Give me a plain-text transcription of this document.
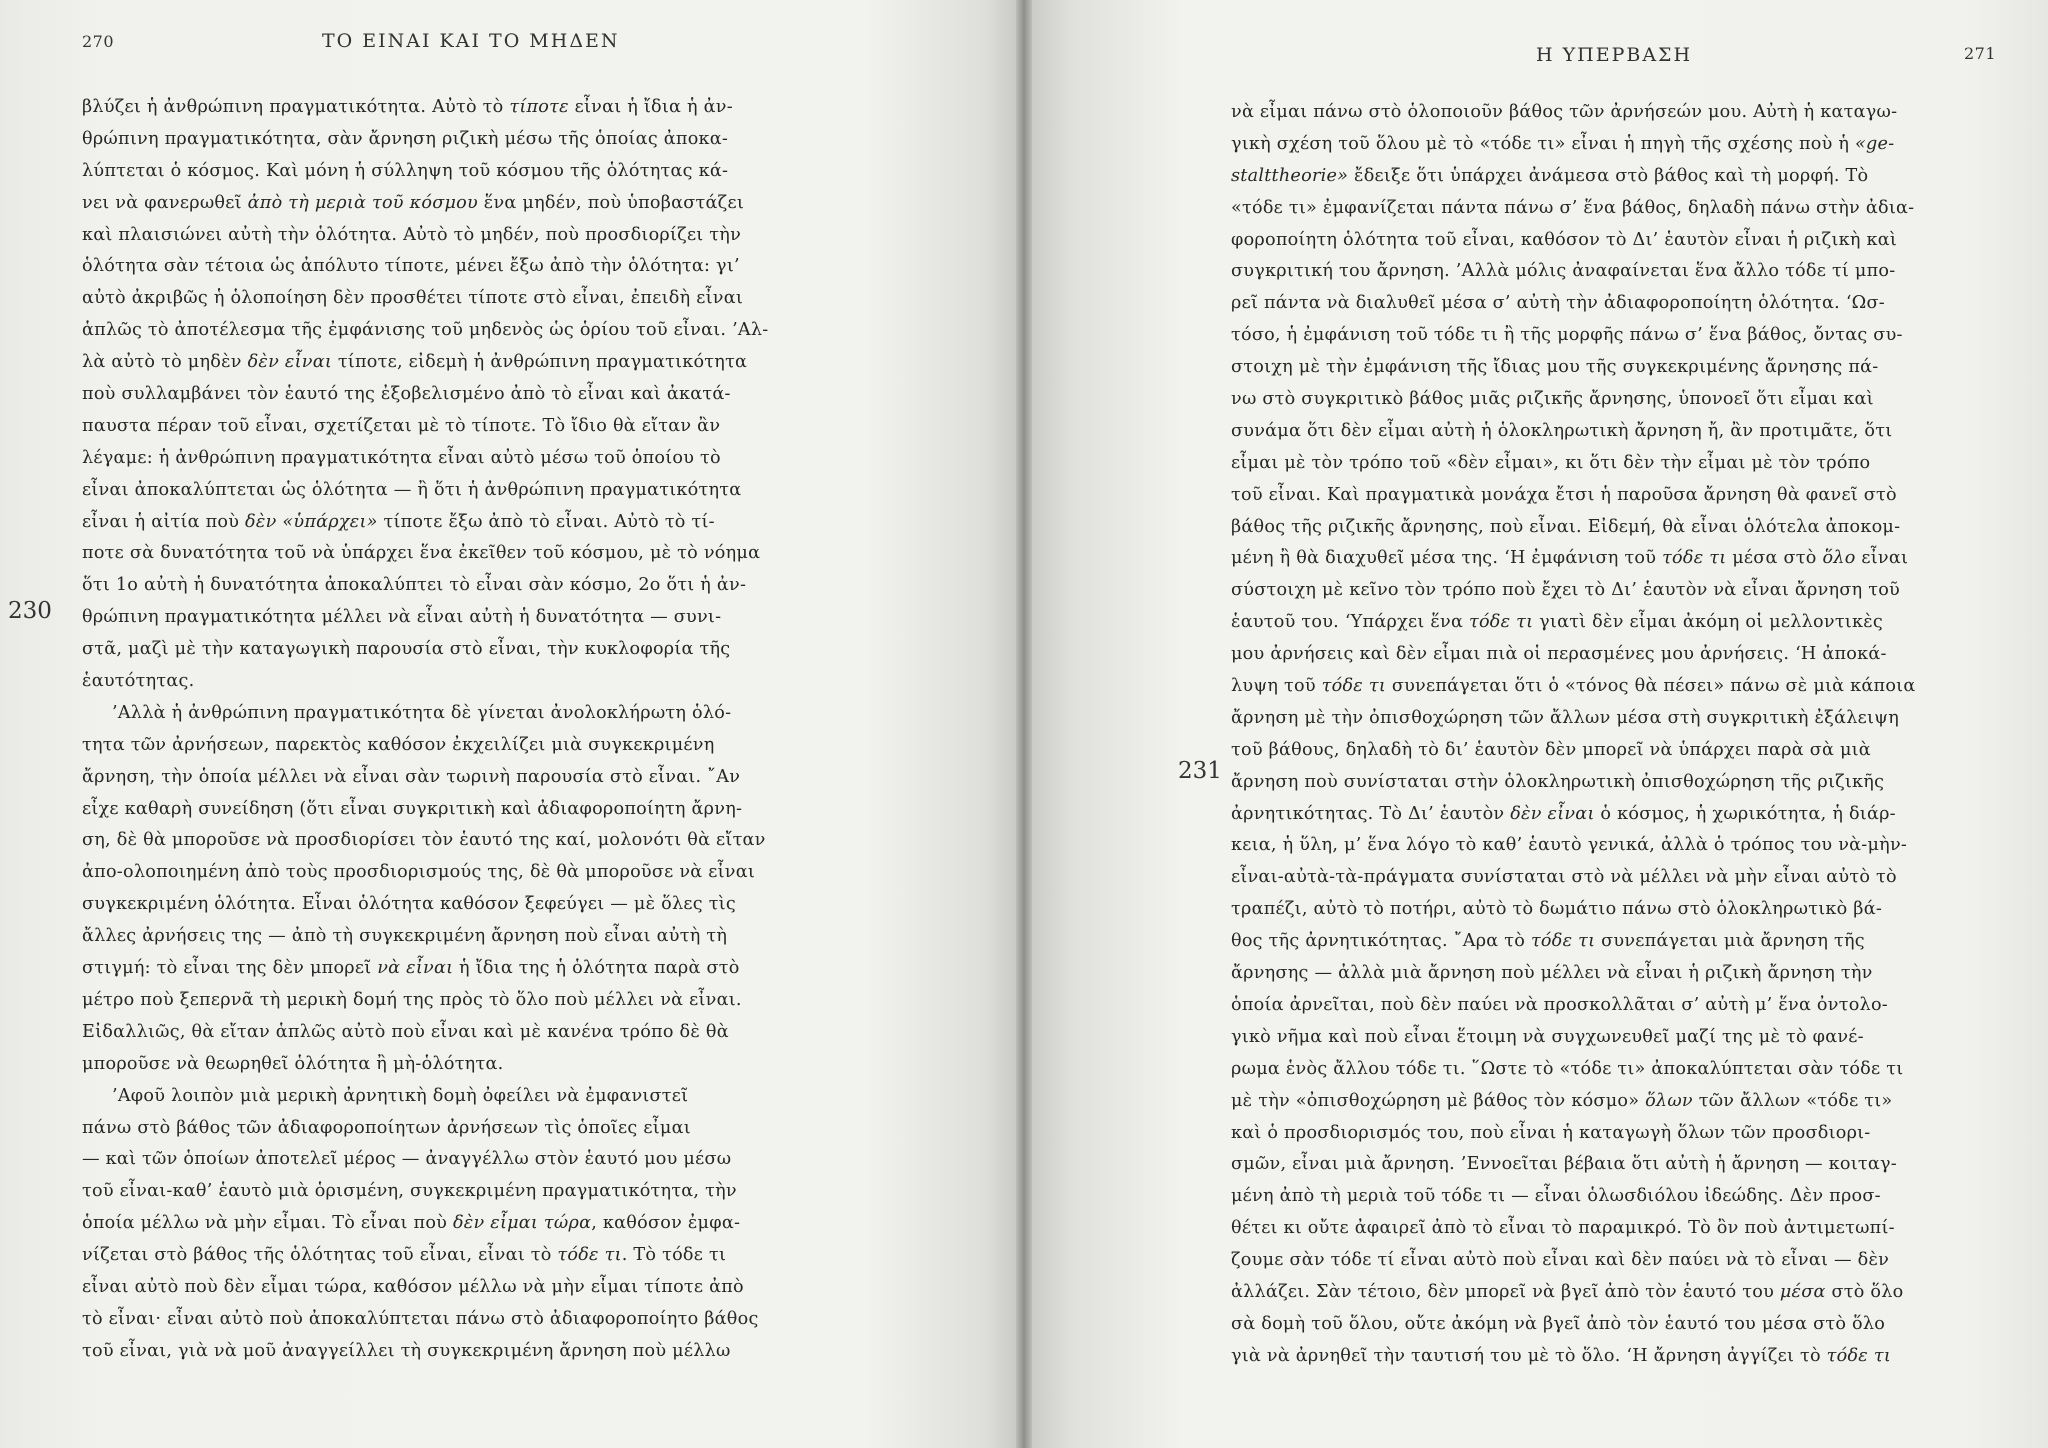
270	ΤΟ ΕΙΝΑΙ ΚΑΙ ΤΟ ΜΗΔΕΝ
230
βλύζει ἡ ἀνθρώπινη πραγματικότητα. Αὐτὸ τὸ τίποτε εἶναι ἡ ἴδια ἡ ἀν-
θρώπινη πραγματικότητα, σὰν ἄρνηση ριζικὴ μέσω τῆς ὁποίας ἀποκα-
λύπτεται ὁ κόσμος. Καὶ μόνη ἡ σύλληψη τοῦ κόσμου τῆς ὁλότητας κά-
νει νὰ φανερωθεῖ ἀπὸ τὴ μεριὰ τοῦ κόσμου ἕνα μηδέν, ποὺ ὑποβαστάζει
καὶ πλαισιώνει αὐτὴ τὴν ὁλότητα. Αὐτὸ τὸ μηδέν, ποὺ προσδιορίζει τὴν
ὁλότητα σὰν τέτοια ὡς ἀπόλυτο τίποτε, μένει ἔξω ἀπὸ τὴν ὁλότητα: γι’
αὐτὸ ἀκριβῶς ἡ ὁλοποίηση δὲν προσθέτει τίποτε στὸ εἶναι, ἐπειδὴ εἶναι
ἁπλῶς τὸ ἀποτέλεσμα τῆς ἐμφάνισης τοῦ μηδενὸς ὡς ὁρίου τοῦ εἶναι. ’Αλ-
λὰ αὐτὸ τὸ μηδὲν δὲν εἶναι τίποτε, εἰδεμὴ ἡ ἀνθρώπινη πραγματικότητα
ποὺ συλλαμβάνει τὸν ἑαυτό της ἐξοβελισμένο ἀπὸ τὸ εἶναι καὶ ἀκατά-
παυστα πέραν τοῦ εἶναι, σχετίζεται μὲ τὸ τίποτε. Τὸ ἴδιο θὰ εἴταν ἂν
λέγαμε: ἡ ἀνθρώπινη πραγματικότητα εἶναι αὐτὸ μέσω τοῦ ὁποίου τὸ
εἶναι ἀποκαλύπτεται ὡς ὁλότητα — ἢ ὅτι ἡ ἀνθρώπινη πραγματικότητα
εἶναι ἡ αἰτία ποὺ δὲν «ὑπάρχει» τίποτε ἔξω ἀπὸ τὸ εἶναι. Αὐτὸ τὸ τί-
ποτε σὰ δυνατότητα τοῦ νὰ ὑπάρχει ἕνα ἐκεῖθεν τοῦ κόσμου, μὲ τὸ νόημα
ὅτι 1ο αὐτὴ ἡ δυνατότητα ἀποκαλύπτει τὸ εἶναι σὰν κόσμο, 2ο ὅτι ἡ ἀν-
θρώπινη πραγματικότητα μέλλει νὰ εἶναι αὐτὴ ἡ δυνατότητα — συνι-
στᾶ, μαζὶ μὲ τὴν καταγωγικὴ παρουσία στὸ εἶναι, τὴν κυκλοφορία τῆς
ἑαυτότητας.
’Αλλὰ ἡ ἀνθρώπινη πραγματικότητα δὲ γίνεται ἀνολοκλήρωτη ὁλό-
τητα τῶν ἀρνήσεων, παρεκτὸς καθόσον ἐκχειλίζει μιὰ συγκεκριμένη
ἄρνηση, τὴν ὁποία μέλλει νὰ εἶναι σὰν τωρινὴ παρουσία στὸ εἶναι. ῎Αν
εἶχε καθαρὴ συνείδηση (ὅτι εἶναι συγκριτικὴ καὶ ἀδιαφοροποίητη ἄρνη-
ση, δὲ θὰ μποροῦσε νὰ προσδιορίσει τὸν ἑαυτό της καί, μολονότι θὰ εἴταν
ἀπο-ολοποιημένη ἀπὸ τοὺς προσδιορισμούς της, δὲ θὰ μποροῦσε νὰ εἶναι
συγκεκριμένη ὁλότητα. Εἶναι ὁλότητα καθόσον ξεφεύγει — μὲ ὅλες τὶς
ἄλλες ἀρνήσεις της — ἀπὸ τὴ συγκεκριμένη ἄρνηση ποὺ εἶναι αὐτὴ τὴ
στιγμή: τὸ εἶναι της δὲν μπορεῖ νὰ εἶναι ἡ ἴδια της ἡ ὁλότητα παρὰ στὸ
μέτρο ποὺ ξεπερνᾶ τὴ μερικὴ δομή της πρὸς τὸ ὅλο ποὺ μέλλει νὰ εἶναι.
Εἰδαλλιῶς, θὰ εἴταν ἁπλῶς αὐτὸ ποὺ εἶναι καὶ μὲ κανένα τρόπο δὲ θὰ
μποροῦσε νὰ θεωρηθεῖ ὁλότητα ἢ μὴ-ὁλότητα.
’Αφοῦ λοιπὸν μιὰ μερικὴ ἀρνητικὴ δομὴ ὀφείλει νὰ ἐμφανιστεῖ
πάνω στὸ βάθος τῶν ἀδιαφοροποίητων ἀρνήσεων τὶς ὁποῖες εἶμαι
— καὶ τῶν ὁποίων ἀποτελεῖ μέρος — ἀναγγέλλω στὸν ἑαυτό μου μέσω
τοῦ εἶναι-καθ’ ἑαυτὸ μιὰ ὁρισμένη, συγκεκριμένη πραγματικότητα, τὴν
ὁποία μέλλω νὰ μὴν εἶμαι. Τὸ εἶναι ποὺ δὲν εἶμαι τώρα, καθόσον ἐμφα-
νίζεται στὸ βάθος τῆς ὁλότητας τοῦ εἶναι, εἶναι τὸ τόδε τι. Τὸ τόδε τι
εἶναι αὐτὸ ποὺ δὲν εἶμαι τώρα, καθόσον μέλλω νὰ μὴν εἶμαι τίποτε ἀπὸ
τὸ εἶναι· εἶναι αὐτὸ ποὺ ἀποκαλύπτεται πάνω στὸ ἀδιαφοροποίητο βάθος
τοῦ εἶναι, γιὰ νὰ μοῦ ἀναγγείλλει τὴ συγκεκριμένη ἄρνηση ποὺ μέλλω
Η ΥΠΕΡΒΑΣΗ	271
231
νὰ εἶμαι πάνω στὸ ὁλοποιοῦν βάθος τῶν ἀρνήσεών μου. Αὐτὴ ἡ καταγω-
γικὴ σχέση τοῦ ὅλου μὲ τὸ «τόδε τι» εἶναι ἡ πηγὴ τῆς σχέσης ποὺ ἡ «ge-
stalttheorie» ἔδειξε ὅτι ὑπάρχει ἀνάμεσα στὸ βάθος καὶ τὴ μορφή. Τὸ
«τόδε τι» ἐμφανίζεται πάντα πάνω σ’ ἕνα βάθος, δηλαδὴ πάνω στὴν ἀδια-
φοροποίητη ὁλότητα τοῦ εἶναι, καθόσον τὸ Δι’ ἑαυτὸν εἶναι ἡ ριζικὴ καὶ
συγκριτική του ἄρνηση. ’Αλλὰ μόλις ἀναφαίνεται ἕνα ἄλλο τόδε τί μπο-
ρεῖ πάντα νὰ διαλυθεῖ μέσα σ’ αὐτὴ τὴν ἀδιαφοροποίητη ὁλότητα. ‘Ωσ-
τόσο, ἡ ἐμφάνιση τοῦ τόδε τι ἢ τῆς μορφῆς πάνω σ’ ἕνα βάθος, ὄντας συ-
στοιχη μὲ τὴν ἐμφάνιση τῆς ἴδιας μου τῆς συγκεκριμένης ἄρνησης πά-
νω στὸ συγκριτικὸ βάθος μιᾶς ριζικῆς ἄρνησης, ὑπονοεῖ ὅτι εἶμαι καὶ
συνάμα ὅτι δὲν εἶμαι αὐτὴ ἡ ὁλοκληρωτικὴ ἄρνηση ἤ, ἂν προτιμᾶτε, ὅτι
εἶμαι μὲ τὸν τρόπο τοῦ «δὲν εἶμαι», κι ὅτι δὲν τὴν εἶμαι μὲ τὸν τρόπο
τοῦ εἶναι. Καὶ πραγματικὰ μονάχα ἔτσι ἡ παροῦσα ἄρνηση θὰ φανεῖ στὸ
βάθος τῆς ριζικῆς ἄρνησης, ποὺ εἶναι. Εἰδεμή, θὰ εἶναι ὁλότελα ἀποκομ-
μένη ἢ θὰ διαχυθεῖ μέσα της. ‘Η ἐμφάνιση τοῦ τόδε τι μέσα στὸ ὅλο εἶναι
σύστοιχη μὲ κεῖνο τὸν τρόπο ποὺ ἔχει τὸ Δι’ ἑαυτὸν νὰ εἶναι ἄρνηση τοῦ
ἑαυτοῦ του. ‘Υπάρχει ἕνα τόδε τι γιατὶ δὲν εἶμαι ἀκόμη οἱ μελλοντικὲς
μου ἀρνήσεις καὶ δὲν εἶμαι πιὰ οἱ περασμένες μου ἀρνήσεις. ‘Η ἀποκά-
λυψη τοῦ τόδε τι συνεπάγεται ὅτι ὁ «τόνος θὰ πέσει» πάνω σὲ μιὰ κάποια
ἄρνηση μὲ τὴν ὀπισθοχώρηση τῶν ἄλλων μέσα στὴ συγκριτικὴ ἐξάλειψη
τοῦ βάθους, δηλαδὴ τὸ δι’ ἑαυτὸν δὲν μπορεῖ νὰ ὑπάρχει παρὰ σὰ μιὰ
ἄρνηση ποὺ συνίσταται στὴν ὁλοκληρωτικὴ ὀπισθοχώρηση τῆς ριζικῆς
ἀρνητικότητας. Τὸ Δι’ ἑαυτὸν δὲν εἶναι ὁ κόσμος, ἡ χωρικότητα, ἡ διάρ-
κεια, ἡ ὕλη, μ’ ἕνα λόγο τὸ καθ’ ἑαυτὸ γενικά, ἀλλὰ ὁ τρόπος του νὰ-μὴν-
εἶναι-αὐτὰ-τὰ-πράγματα συνίσταται στὸ νὰ μέλλει νὰ μὴν εἶναι αὐτὸ τὸ
τραπέζι, αὐτὸ τὸ ποτήρι, αὐτὸ τὸ δωμάτιο πάνω στὸ ὁλοκληρωτικὸ βά-
θος τῆς ἀρνητικότητας. ῎Αρα τὸ τόδε τι συνεπάγεται μιὰ ἄρνηση τῆς
ἄρνησης — ἀλλὰ μιὰ ἄρνηση ποὺ μέλλει νὰ εἶναι ἡ ριζικὴ ἄρνηση τὴν
ὁποία ἀρνεῖται, ποὺ δὲν παύει νὰ προσκολλᾶται σ’ αὐτὴ μ’ ἕνα ὀντολο-
γικὸ νῆμα καὶ ποὺ εἶναι ἕτοιμη νὰ συγχωνευθεῖ μαζί της μὲ τὸ φανέ-
ρωμα ἑνὸς ἄλλου τόδε τι. ῞Ωστε τὸ «τόδε τι» ἀποκαλύπτεται σὰν τόδε τι
μὲ τὴν «ὀπισθοχώρηση μὲ βάθος τὸν κόσμο» ὅλων τῶν ἄλλων «τόδε τι»
καὶ ὁ προσδιορισμός του, ποὺ εἶναι ἡ καταγωγὴ ὅλων τῶν προσδιορι-
σμῶν, εἶναι μιὰ ἄρνηση. ’Εννοεῖται βέβαια ὅτι αὐτὴ ἡ ἄρνηση — κοιταγ-
μένη ἀπὸ τὴ μεριὰ τοῦ τόδε τι — εἶναι ὁλωσδιόλου ἰδεώδης. Δὲν προσ-
θέτει κι οὔτε ἀφαιρεῖ ἀπὸ τὸ εἶναι τὸ παραμικρό. Τὸ ὂν ποὺ ἀντιμετωπί-
ζουμε σὰν τόδε τί εἶναι αὐτὸ ποὺ εἶναι καὶ δὲν παύει νὰ τὸ εἶναι — δὲν
ἀλλάζει. Σὰν τέτοιο, δὲν μπορεῖ νὰ βγεῖ ἀπὸ τὸν ἑαυτό του μέσα στὸ ὅλο
σὰ δομὴ τοῦ ὅλου, οὔτε ἀκόμη νὰ βγεῖ ἀπὸ τὸν ἑαυτό του μέσα στὸ ὅλο
γιὰ νὰ ἀρνηθεῖ τὴν ταυτισή του μὲ τὸ ὅλο. ‘Η ἄρνηση ἀγγίζει τὸ τόδε τι
